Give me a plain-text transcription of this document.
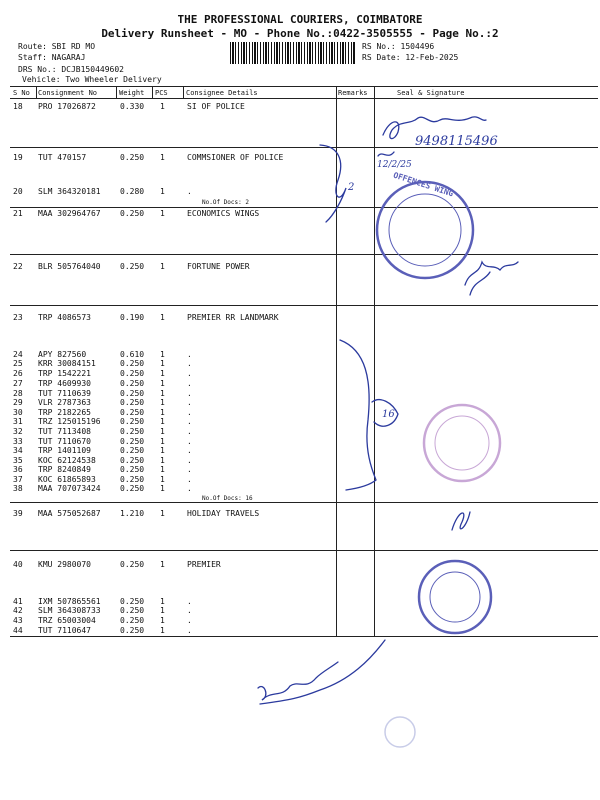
THE PROFESSIONAL COURIERS, COIMBATORE
Delivery Runsheet - MO - Phone No.:0422-3505555 - Page No.:2
Route: SBI RD MO
Staff: NAGARAJ
DRS No.: DCJB150449602
Vehicle: Two Wheeler Delivery
RS No.: 1504496
RS Date: 12-Feb-2025
S No Consignment No	Weight PCS	Consignee Details	Remarks	Seal & Signature
18 PRO 17026872	0.330 1	SI OF POLICE
19 TUT 470157	0.250 1	COMMSIONER OF POLICE
20 SLM 364320181 0.280 1	.
21 MAA 302964767 0.250 1	ECONOMICS WINGS
22 BLR 505764040 0.250 1	FORTUNE POWER
23 TRP 4086573	0.190 1	PREMIER RR LANDMARK
24 APY 827560	0.610 1	.
25 KRR 30084151	0.250 1	.
26 TRP 1542221	0.250 1	.
27 TRP 4609930	0.250 1	.
28 TUT 7110639	0.250 1	.
29 VLR 2787363	0.250 1	.
30 TRP 2182265	0.250 1	.
31 TRZ 125015196 0.250 1	.
32 TUT 7113408	0.250 1	.
33 TUT 7110670	0.250 1	.
34 TRP 1401109	0.250 1	.
35 KOC 62124538	0.250 1	.
36 TRP 8240849	0.250 1	.
37 KOC 61865893	0.250 1	.
38 MAA 707073424 0.250 1	.
39 MAA 575052687 1.210 1	HOLIDAY TRAVELS
40 KMU 2980070	0.250 1	PREMIER
41 IXM 507865561 0.250 1	.
42 SLM 364308733 0.250 1	.
43 TRZ 65003004	0.250 1	.
44 TUT 7110647	0.250 1	.
No.Of Docs: 2
No.Of Docs: 16
9498115496
12/2/25
2
16
OFFENCES WING
